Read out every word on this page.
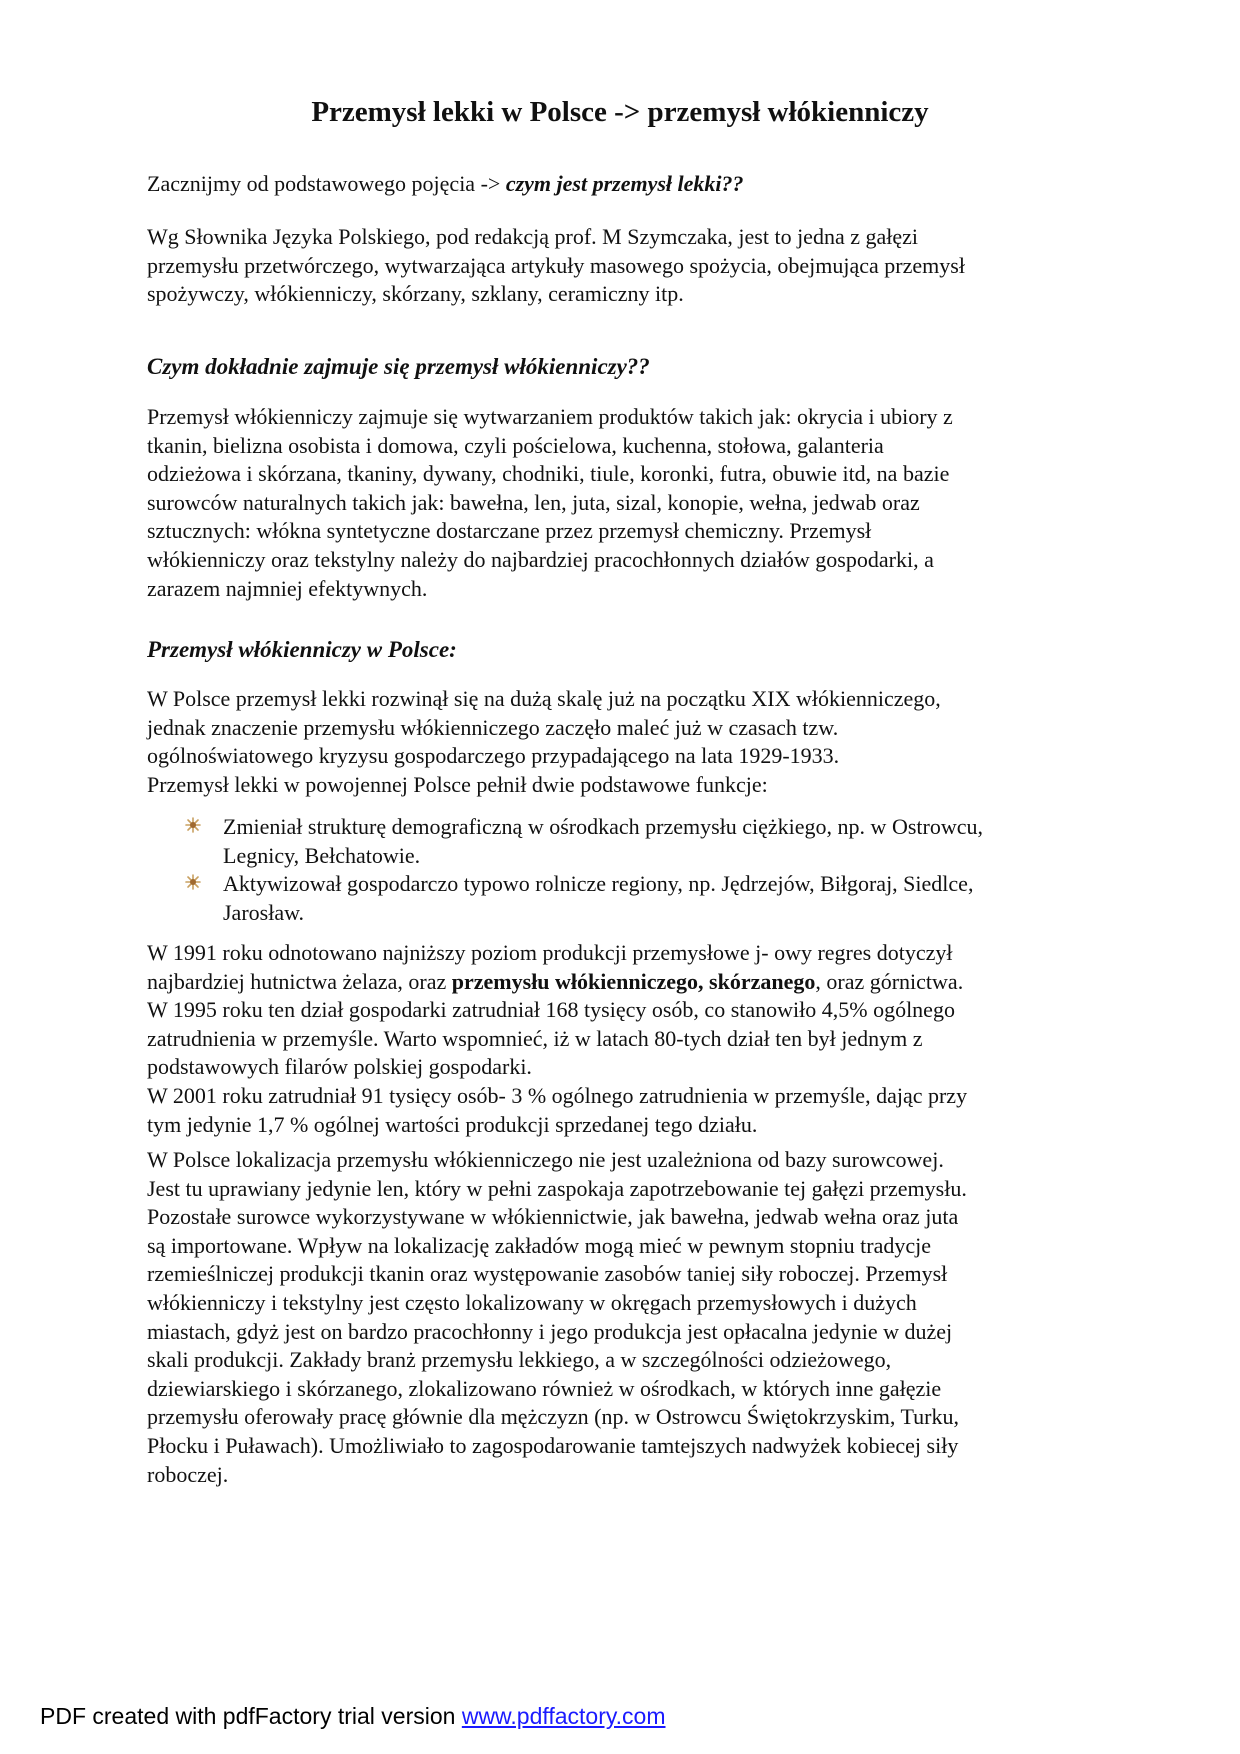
Przemysł lekki w Polsce -> przemysł włókienniczy

Zacznijmy od podstawowego pojęcia -> czym jest przemysł lekki??

Wg Słownika Języka Polskiego, pod redakcją prof. M Szymczaka, jest to jedna z gałęzi
przemysłu przetwórczego, wytwarzająca artykuły masowego spożycia, obejmująca przemysł
spożywczy, włókienniczy, skórzany, szklany, ceramiczny itp.

Czym dokładnie zajmuje się przemysł włókienniczy??

Przemysł włókienniczy zajmuje się wytwarzaniem produktów takich jak: okrycia i ubiory z
tkanin, bielizna osobista i domowa, czyli pościelowa, kuchenna, stołowa, galanteria
odzieżowa i skórzana, tkaniny, dywany, chodniki, tiule, koronki, futra, obuwie itd, na bazie
surowców naturalnych takich jak: bawełna, len, juta, sizal, konopie, wełna, jedwab oraz
sztucznych: włókna syntetyczne dostarczane przez przemysł chemiczny. Przemysł
włókienniczy oraz tekstylny należy do najbardziej pracochłonnych działów gospodarki, a
zarazem najmniej efektywnych.

Przemysł włókienniczy w Polsce:

W Polsce przemysł lekki rozwinął się na dużą skalę już na początku XIX włókienniczego,
jednak znaczenie przemysłu włókienniczego zaczęło maleć już w czasach tzw.
ogólnoświatowego kryzysu gospodarczego przypadającego na lata 1929-1933.
Przemysł lekki w powojennej Polsce pełnił dwie podstawowe funkcje:

Zmieniał strukturę demograficzną w ośrodkach przemysłu ciężkiego, np. w Ostrowcu,
Legnicy, Bełchatowie.
Aktywizował gospodarczo typowo rolnicze regiony, np. Jędrzejów, Biłgoraj, Siedlce,
Jarosław.

W 1991 roku odnotowano najniższy poziom produkcji przemysłowe j- owy regres dotyczył
najbardziej hutnictwa żelaza, oraz przemysłu włókienniczego, skórzanego, oraz górnictwa.
W 1995 roku ten dział gospodarki zatrudniał 168 tysięcy osób, co stanowiło 4,5% ogólnego
zatrudnienia w przemyśle. Warto wspomnieć, iż w latach 80-tych dział ten był jednym z
podstawowych filarów polskiej gospodarki.
W 2001 roku zatrudniał 91 tysięcy osób- 3 % ogólnego zatrudnienia w przemyśle, dając przy
tym jedynie 1,7 % ogólnej wartości produkcji sprzedanej tego działu.

W Polsce lokalizacja przemysłu włókienniczego nie jest uzależniona od bazy surowcowej.
Jest tu uprawiany jedynie len, który w pełni zaspokaja zapotrzebowanie tej gałęzi przemysłu.
Pozostałe surowce wykorzystywane w włókiennictwie, jak bawełna, jedwab wełna oraz juta
są importowane. Wpływ na lokalizację zakładów mogą mieć w pewnym stopniu tradycje
rzemieślniczej produkcji tkanin oraz występowanie zasobów taniej siły roboczej. Przemysł
włókienniczy i tekstylny jest często lokalizowany w okręgach przemysłowych i dużych
miastach, gdyż jest on bardzo pracochłonny i jego produkcja jest opłacalna jedynie w dużej
skali produkcji. Zakłady branż przemysłu lekkiego, a w szczególności odzieżowego,
dziewiarskiego i skórzanego, zlokalizowano również w ośrodkach, w których inne gałęzie
przemysłu oferowały pracę głównie dla mężczyzn (np. w Ostrowcu Świętokrzyskim, Turku,
Płocku i Puławach). Umożliwiało to zagospodarowanie tamtejszych nadwyżek kobiecej siły
roboczej.

PDF created with pdfFactory trial version www.pdffactory.com
